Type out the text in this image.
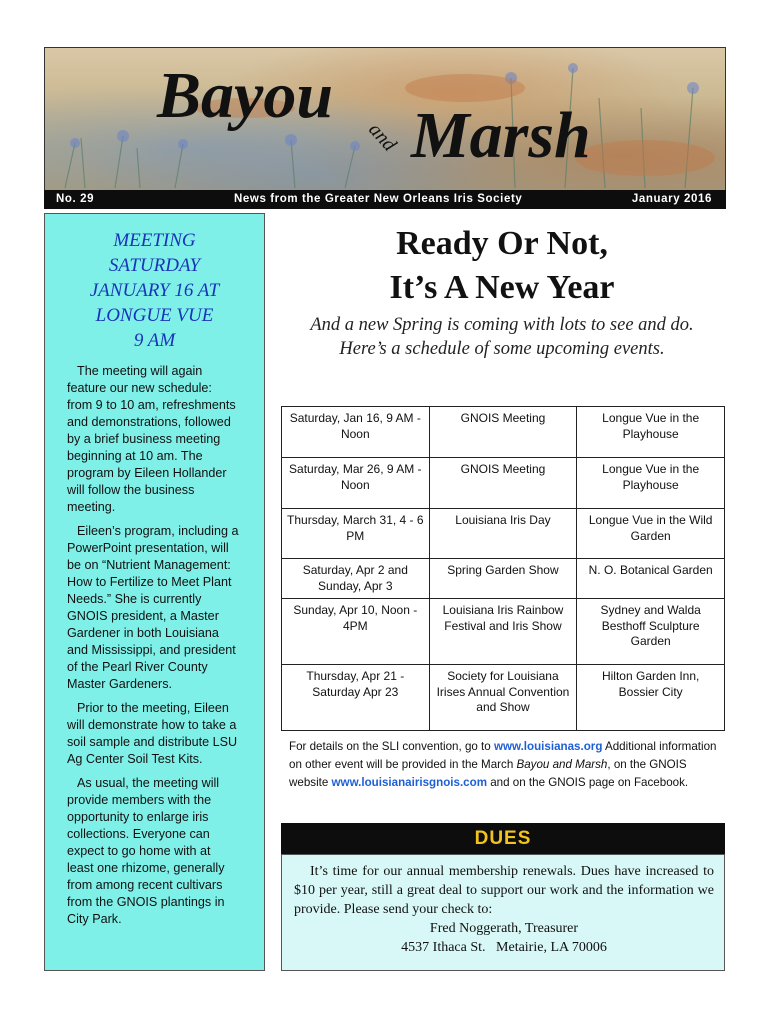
Bayou
and Marsh
No. 29	News from the Greater New Orleans Iris Society	January 2016
MEETING
SATURDAY
JANUARY 16 AT
LONGUE VUE
9 AM

The meeting will again feature our new schedule: from 9 to 10 am, refreshments and demonstrations, followed by a brief business meeting beginning at 10 am. The program by Eileen Hollander will follow the business meeting.

Eileen’s program, including a PowerPoint presentation, will be on “Nutrient Management: How to Fertilize to Meet Plant Needs.” She is currently GNOIS president, a Master Gardener in both Louisiana and Mississippi, and president of the Pearl River County Master Gardeners.

Prior to the meeting, Eileen will demonstrate how to take a soil sample and distribute LSU Ag Center Soil Test Kits.

As usual, the meeting will provide members with the opportunity to enlarge iris collections. Everyone can expect to go home with at least one rhizome, generally from among recent cultivars from the GNOIS plantings in City Park.

Ready Or Not,
It’s A New Year
And a new Spring is coming with lots to see and do. Here’s a schedule of some upcoming events.
Saturday, Jan 16, 9 AM - Noon	GNOIS Meeting	Longue Vue in the Playhouse
Saturday, Mar 26, 9 AM - Noon	GNOIS Meeting	Longue Vue in the Playhouse
Thursday, March 31, 4 - 6 PM	Louisiana Iris Day	Longue Vue in the Wild Garden
Saturday, Apr 2 and Sunday, Apr 3	Spring Garden Show	N. O. Botanical Garden
Sunday, Apr 10, Noon - 4PM	Louisiana Iris Rainbow Festival and Iris Show	Sydney and Walda Besthoff Sculpture Garden
Thursday, Apr 21 - Saturday Apr 23	Society for Louisiana Irises Annual Convention and Show	Hilton Garden Inn, Bossier City
For details on the SLI convention, go to www.louisianas.org Additional information on other event will be provided in the March Bayou and Marsh, on the GNOIS website www.louisianairisgnois.com and on the GNOIS page on Facebook.
DUES
It’s time for our annual membership renewals. Dues have increased to $10 per year, still a great deal to support our work and the information we provide. Please send your check to:
Fred Noggerath, Treasurer
4537 Ithaca St.   Metairie, LA 70006
